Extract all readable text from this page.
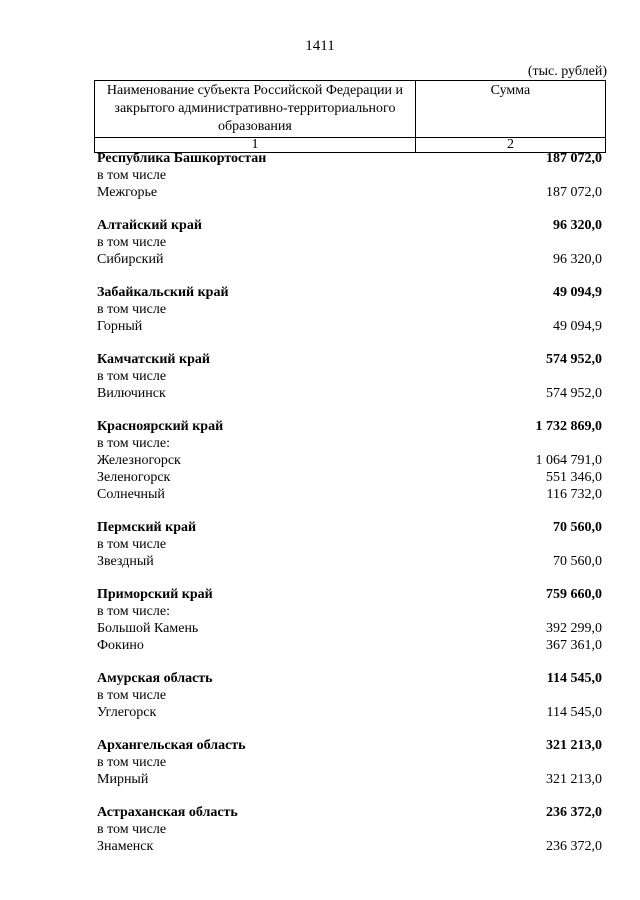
1411
(тыс. рублей)
Наименование субъекта Российской Федерации и закрытого административно-территориального образования	Сумма
1	2
Республика Башкортостан	187 072,0
в том числе
Межгорье	187 072,0
Алтайский край	96 320,0
в том числе
Сибирский	96 320,0
Забайкальский край	49 094,9
в том числе
Горный	49 094,9
Камчатский край	574 952,0
в том числе
Вилючинск	574 952,0
Красноярский край	1 732 869,0
в том числе:
Железногорск	1 064 791,0
Зеленогорск	551 346,0
Солнечный	116 732,0
Пермский край	70 560,0
в том числе
Звездный	70 560,0
Приморский край	759 660,0
в том числе:
Большой Камень	392 299,0
Фокино	367 361,0
Амурская область	114 545,0
в том числе
Углегорск	114 545,0
Архангельская область	321 213,0
в том числе
Мирный	321 213,0
Астраханская область	236 372,0
в том числе
Знаменск	236 372,0
